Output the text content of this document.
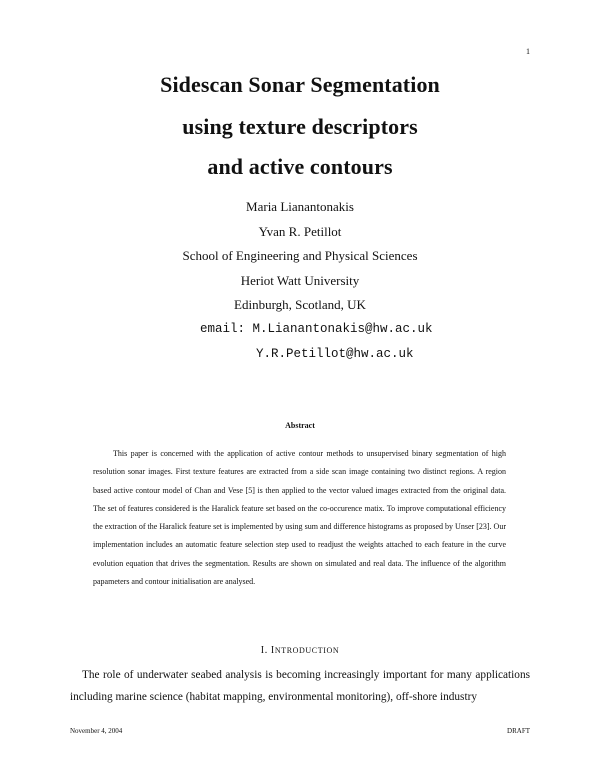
1
Sidescan Sonar Segmentation
using texture descriptors
and active contours
Maria Lianantonakis
Yvan R. Petillot
School of Engineering and Physical Sciences
Heriot Watt University
Edinburgh, Scotland, UK
email: M.Lianantonakis@hw.ac.uk
Y.R.Petillot@hw.ac.uk
Abstract
This paper is concerned with the application of active contour methods to unsupervised binary segmentation of high resolution sonar images. First texture features are extracted from a side scan image containing two distinct regions. A region based active contour model of Chan and Vese [5] is then applied to the vector valued images extracted from the original data. The set of features considered is the Haralick feature set based on the co-occurence matix. To improve computational efficiency the extraction of the Haralick feature set is implemented by using sum and difference histograms as proposed by Unser [23]. Our implementation includes an automatic feature selection step used to readjust the weights attached to each feature in the curve evolution equation that drives the segmentation. Results are shown on simulated and real data. The influence of the algorithm papameters and contour initialisation are analysed.
I. INTRODUCTION
The role of underwater seabed analysis is becoming increasingly important for many applications including marine science (habitat mapping, environmental monitoring), off-shore industry
November 4, 2004	DRAFT
